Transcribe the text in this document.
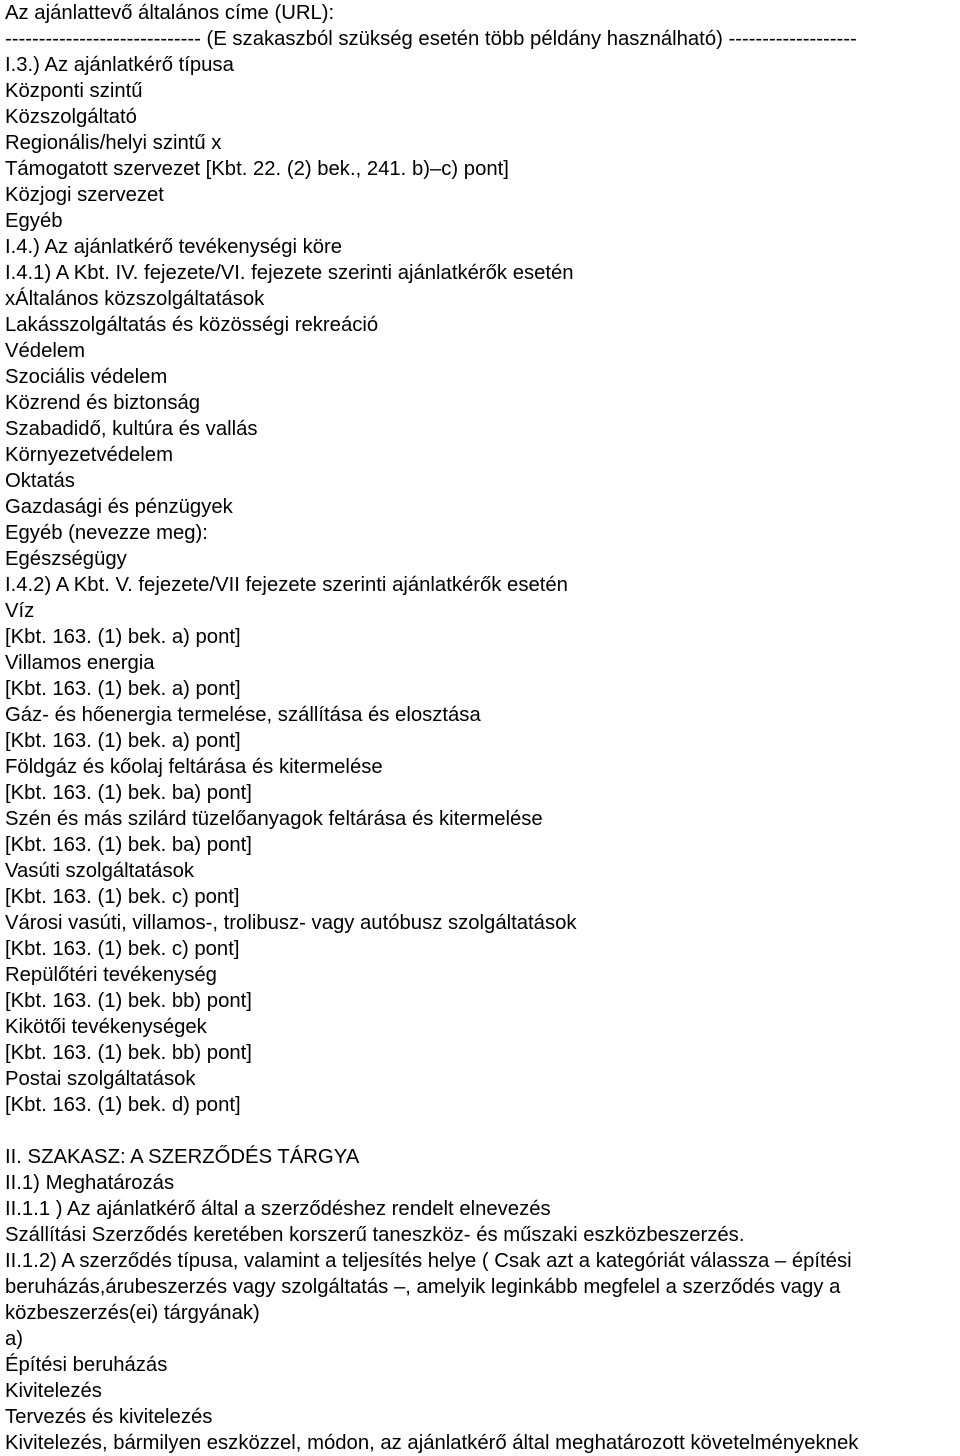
Az ajánlattevő általános címe (URL):
----------------------------- (E szakaszból szükség esetén több példány használható) -------------------
I.3.) Az ajánlatkérő típusa
Központi szintű
Közszolgáltató
Regionális/helyi szintű x
Támogatott szervezet [Kbt. 22. (2) bek., 241. b)–c) pont]
Közjogi szervezet
Egyéb
I.4.) Az ajánlatkérő tevékenységi köre
I.4.1) A Kbt. IV. fejezete/VI. fejezete szerinti ajánlatkérők esetén
xÁltalános közszolgáltatások
Lakásszolgáltatás és közösségi rekreáció
Védelem
Szociális védelem
Közrend és biztonság
Szabadidő, kultúra és vallás
Környezetvédelem
Oktatás
Gazdasági és pénzügyek
Egyéb (nevezze meg):
Egészségügy
I.4.2) A Kbt. V. fejezete/VII fejezete szerinti ajánlatkérők esetén
Víz
[Kbt. 163. (1) bek. a) pont]
Villamos energia
[Kbt. 163. (1) bek. a) pont]
Gáz- és hőenergia termelése, szállítása és elosztása
[Kbt. 163. (1) bek. a) pont]
Földgáz és kőolaj feltárása és kitermelése
[Kbt. 163. (1) bek. ba) pont]
Szén és más szilárd tüzelőanyagok feltárása és kitermelése
[Kbt. 163. (1) bek. ba) pont]
Vasúti szolgáltatások
[Kbt. 163. (1) bek. c) pont]
Városi vasúti, villamos-, trolibusz- vagy autóbusz szolgáltatások
[Kbt. 163. (1) bek. c) pont]
Repülőtéri tevékenység
[Kbt. 163. (1) bek. bb) pont]
Kikötői tevékenységek
[Kbt. 163. (1) bek. bb) pont]
Postai szolgáltatások
[Kbt. 163. (1) bek. d) pont]
II. SZAKASZ: A SZERZŐDÉS TÁRGYA
II.1) Meghatározás
II.1.1 ) Az ajánlatkérő által a szerződéshez rendelt elnevezés
Szállítási Szerződés keretében korszerű taneszköz- és műszaki eszközbeszerzés.
II.1.2) A szerződés típusa, valamint a teljesítés helye ( Csak azt a kategóriát válassza – építési beruházás,árubeszerzés vagy szolgáltatás –, amelyik leginkább megfelel a szerződés vagy a közbeszerzés(ei) tárgyának)
a)
Építési beruházás
Kivitelezés
Tervezés és kivitelezés
Kivitelezés, bármilyen eszközzel, módon, az ajánlatkérő által meghatározott követelményeknek
